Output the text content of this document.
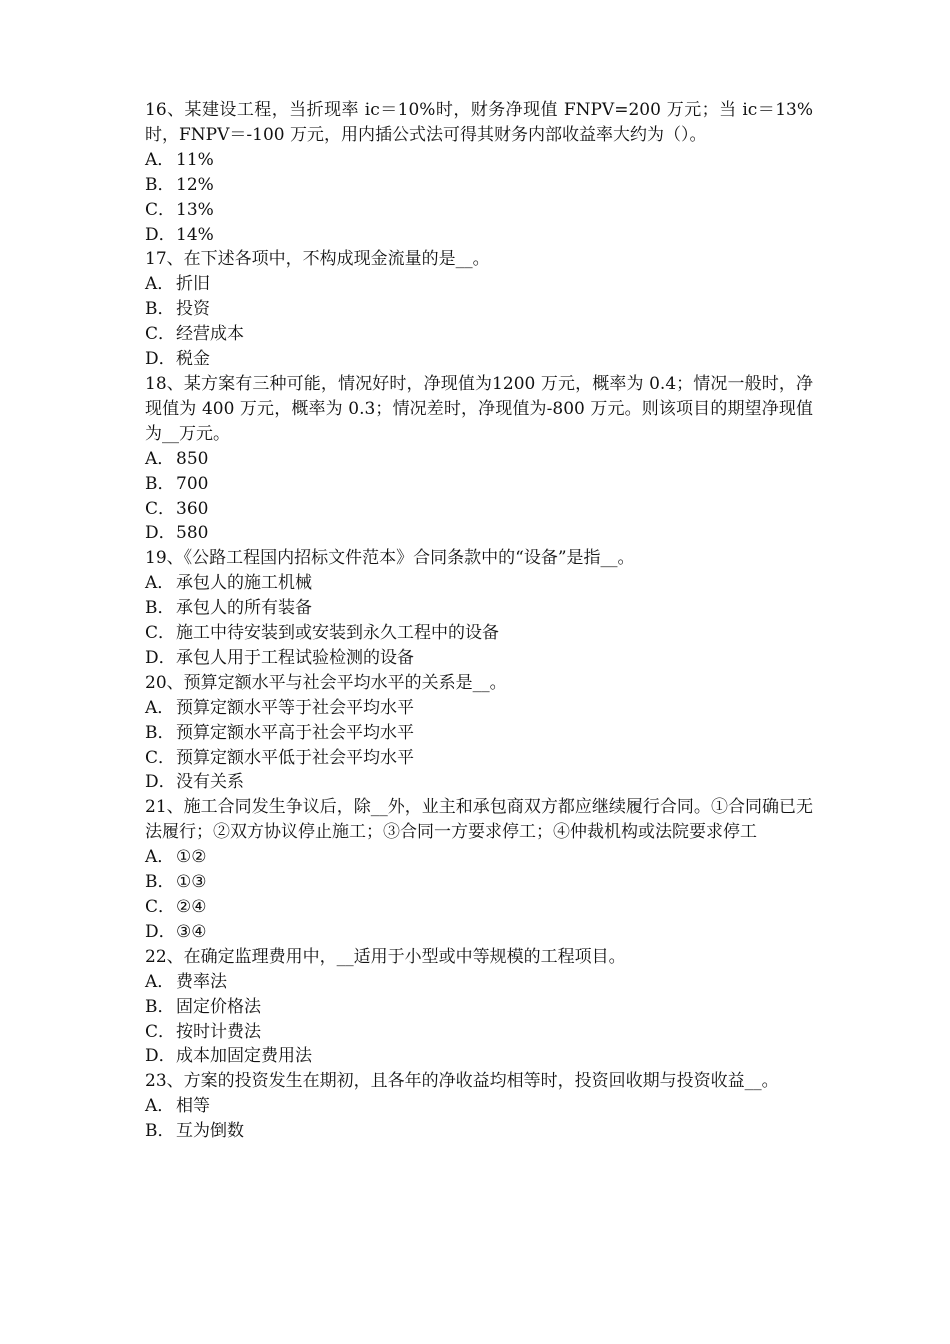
16、某建设工程，当折现率 ic＝10%时，财务净现值 FNPV=200 万元；当 ic＝13%时，FNPV＝-100 万元，用内插公式法可得其财务内部收益率大约为（）。

A． 11%
B． 12%
C． 13%
D． 14%

17、在下述各项中，不构成现金流量的是__。

A． 折旧
B． 投资
C． 经营成本
D． 税金

18、某方案有三种可能，情况好时，净现值为1200 万元，概率为 0.4；情况一般时，净现值为 400 万元，概率为 0.3；情况差时，净现值为-800 万元。则该项目的期望净现值为__万元。

A． 850
B． 700
C． 360
D． 580

19、《公路工程国内招标文件范本》合同条款中的“设备”是指__。

A． 承包人的施工机械
B． 承包人的所有装备
C． 施工中待安装到或安装到永久工程中的设备
D． 承包人用于工程试验检测的设备

20、预算定额水平与社会平均水平的关系是__。

A． 预算定额水平等于社会平均水平
B． 预算定额水平高于社会平均水平
C． 预算定额水平低于社会平均水平
D． 没有关系

21、施工合同发生争议后，除__外，业主和承包商双方都应继续履行合同。①合同确已无法履行；②双方协议停止施工；③合同一方要求停工；④仲裁机构或法院要求停工

A． ①②
B． ①③
C． ②④
D． ③④

22、在确定监理费用中，__适用于小型或中等规模的工程项目。

A． 费率法
B． 固定价格法
C． 按时计费法
D． 成本加固定费用法

23、方案的投资发生在期初，且各年的净收益均相等时，投资回收期与投资收益__。

A． 相等
B． 互为倒数
